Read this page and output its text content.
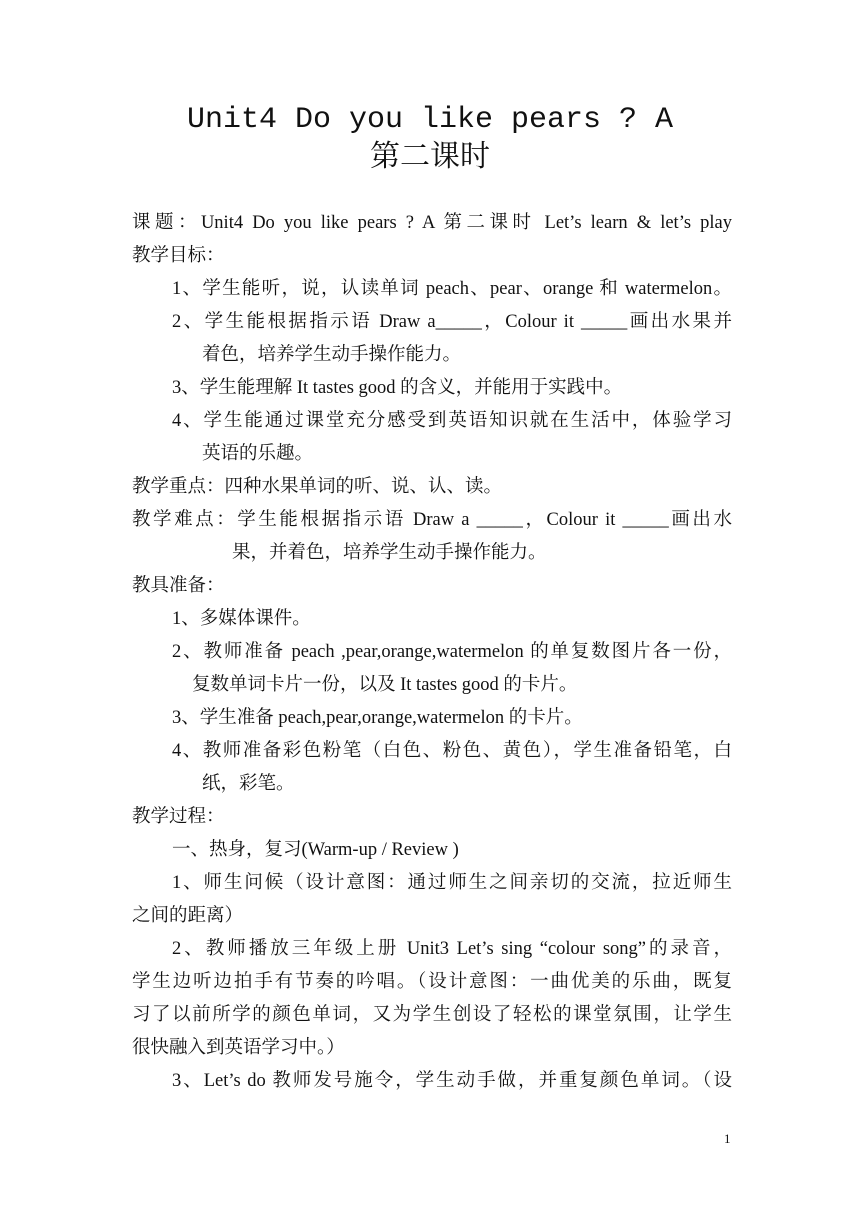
Unit4 Do you like pears ? A
第二课时
课题：Unit4 Do you like pears ? A 第二课时 Let’s learn & let’s play
教学目标：
1、学生能听，说，认读单词 peach、pear、orange 和 watermelon。
2、学生能根据指示语 Draw a_____，Colour it _____画出水果并
着色，培养学生动手操作能力。
3、学生能理解 It tastes good 的含义，并能用于实践中。
4、学生能通过课堂充分感受到英语知识就在生活中，体验学习
英语的乐趣。
教学重点：四种水果单词的听、说、认、读。
教学难点：学生能根据指示语 Draw a _____，Colour it _____画出水
果，并着色，培养学生动手操作能力。
教具准备：
1、多媒体课件。
2、教师准备 peach ,pear,orange,watermelon 的单复数图片各一份，
复数单词卡片一份，以及 It tastes good 的卡片。
3、学生准备 peach,pear,orange,watermelon 的卡片。
4、教师准备彩色粉笔（白色、粉色、黄色），学生准备铅笔，白
纸，彩笔。
教学过程：
一、热身，复习(Warm-up / Review )
1、师生问候（设计意图：通过师生之间亲切的交流，拉近师生
之间的距离）
2、教师播放三年级上册 Unit3 Let’s sing “colour song”的录音，
学生边听边拍手有节奏的吟唱。（设计意图：一曲优美的乐曲，既复
习了以前所学的颜色单词，又为学生创设了轻松的课堂氛围，让学生
很快融入到英语学习中。）
3、Let’s do 教师发号施令，学生动手做，并重复颜色单词。（设
1
